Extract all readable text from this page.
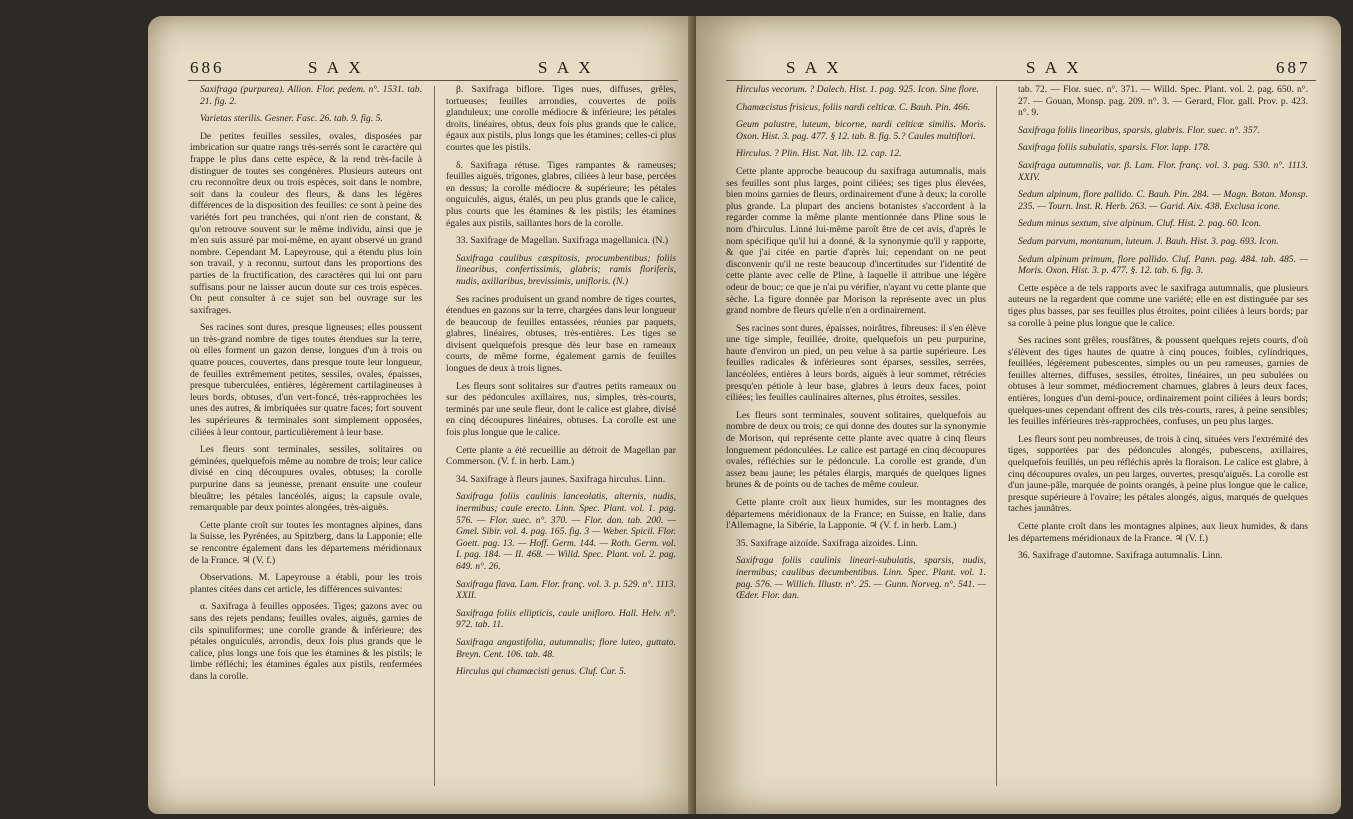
686	S A X	S A X

Saxifraga (purpurea). Allion. Flor. pedem. n°. 1531. tab. 21. fig. 2.

Varietas sterilis. Gesner. Fasc. 26. tab. 9. fig. 5.

De petites feuilles sessiles, ovales, disposées par imbrication sur quatre rangs très-serrés sont le caractère qui frappe le plus dans cette espèce, & la rend très-facile à distinguer de toutes ses congénères. Plusieurs auteurs ont cru reconnoître deux ou trois espèces, soit dans le nombre, soit dans la couleur des fleurs, & dans les légères différences de la disposition des feuilles: ce sont à peine des variétés fort peu tranchées, qui n'ont rien de constant, & qu'on retrouve souvent sur le même individu, ainsi que je m'en suis assuré par moi-même, en ayant observé un grand nombre. Cependant M. Lapeyrouse, qui a étendu plus loin son travail, y a reconnu, surtout dans les proportions des parties de la fructification, des caractères qui lui ont paru suffisans pour ne laisser aucun doute sur ces trois espèces. On peut consulter à ce sujet son bel ouvrage sur les saxifrages.

Ses racines sont dures, presque ligneuses; elles poussent un très-grand nombre de tiges toutes étendues sur la terre, où elles forment un gazon dense, longues d'un à trois ou quatre pouces, couvertes, dans presque toute leur longueur, de feuilles extrêmement petites, sessiles, ovales, épaisses, presque tuberculées, entières, légèrement cartilagineuses à leurs bords, obtuses, d'un vert-foncé, très-rapprochées les unes des autres, & imbriquées sur quatre faces; fort souvent les supérieures & terminales sont simplement opposées, ciliées à leur contour, particulièrement à leur base.

Les fleurs sont terminales, sessiles, solitaires ou géminées, quelquefois même au nombre de trois; leur calice divisé en cinq découpures ovales, obtuses; la corolle purpurine dans sa jeunesse, prenant ensuite une couleur bleuâtre; les pétales lancéolés, aigus; la capsule ovale, remarquable par deux pointes alongées, très-aiguës.

Cette plante croît sur toutes les montagnes alpines, dans la Suisse, les Pyrénées, au Spitzberg, dans la Lapponie; elle se rencontre également dans les départemens méridionaux de la France. ♃ (V. f.)

Observations. M. Lapeyrouse a établi, pour les trois plantes citées dans cet article, les différences suivantes:

α. Saxifraga à feuilles opposées. Tiges; gazons avec ou sans des rejets pendans; feuilles ovales, aiguës, garnies de cils spinuliformes; une corolle grande & inférieure; des pétales onguiculés, arrondis, deux fois plus grands que le calice, plus longs une fois que les étamines & les pistils; le limbe réfléchi; les étamines égales aux pistils, renfermées dans la corolle.

β. Saxifraga biflore. Tiges nues, diffuses, grêles, tortueuses; feuilles arrondies, couvertes de poils glanduleux; une corolle médiocre & inférieure; les pétales droits, linéaires, obtus, deux fois plus grands que le calice, égaux aux pistils, plus longs que les étamines; celles-ci plus courtes que les pistils.

δ. Saxifraga rétuse. Tiges rampantes & rameuses; feuilles aiguës, trigones, glabres, ciliées à leur base, percées en dessus; la corolle médiocre & supérieure; les pétales onguiculés, aigus, étalés, un peu plus grands que le calice, plus courts que les étamines & les pistils; les étamines égales aux pistils, saillantes hors de la corolle.

33. Saxifrage de Magellan. Saxifraga magellanica. (N.)

Saxifraga caulibus cæspitosis, procumbentibus; foliis linearibus, confertissimis, glabris; ramis floriferis, nudis, axillaribus, brevissimis, unifloris. (N.)

Ses racines produisent un grand nombre de tiges courtes, étendues en gazons sur la terre, chargées dans leur longueur de beaucoup de feuilles entassées, réunies par paquets, glabres, linéaires, obtuses, très-entières. Les tiges se divisent quelquefois presque dès leur base en rameaux courts, de même forme, également garnis de feuilles longues de deux à trois lignes.

Les fleurs sont solitaires sur d'autres petits rameaux ou sur des pédoncules axillaires, nus, simples, très-courts, terminés par une seule fleur, dont le calice est glabre, divisé en cinq découpures linéaires, obtuses. La corolle est une fois plus longue que le calice.

Cette plante a été recueillie au détroit de Magellan par Commerson. (V. f. in herb. Lam.)

34. Saxifrage à fleurs jaunes. Saxifraga hirculus. Linn.

Saxifraga foliis caulinis lanceolatis, alternis, nudis, inermibus; caule erecto. Linn. Spec. Plant. vol. 1. pag. 576. — Flor. suec. n°. 370. — Flor. dan. tab. 200. — Gmel. Sibir. vol. 4. pag. 165. fig. 3 — Weber. Spicil. Flor. Goett. pag. 13. — Hoff. Germ. 144. — Roth. Germ. vol. I. pag. 184. — II. 468. — Willd. Spec. Plant. vol. 2. pag. 649. n°. 26.

Saxifraga flava. Lam. Flor. franç. vol. 3. p. 529. n°. 1113. XXII.

Saxifraga foliis ellipticis, caule unifloro. Hall. Helv. n°. 972. tab. 11.

Saxifraga angustifolia, autumnalis; flore luteo, guttato. Breyn. Cent. 106. tab. 48.

Hirculus qui chamæcisti genus. Cluf. Cur. 5.

S A X	S A X	687

Hirculus vecorum. ? Dalech. Hist. 1. pag. 925. Icon. Sine flore.

Chamæcistus frisicus, foliis nardi celticæ. C. Bauh. Pin. 466.

Geum palustre, luteum, bicorne, nardi celticæ similis. Moris. Oxon. Hist. 3. pag. 477. § 12. tab. 8. fig. 5.? Caules multiflori.

Hirculus. ? Plin. Hist. Nat. lib. 12. cap. 12.

Cette plante approche beaucoup du saxifraga autumnalis, mais ses feuilles sont plus larges, point ciliées; ses tiges plus élevées, bien moins garnies de fleurs, ordinairement d'une à deux; la corolle plus grande. La plupart des anciens botanistes s'accordent à la regarder comme la même plante mentionnée dans Pline sous le nom d'hirculus. Linné lui-même paroît être de cet avis, d'après le nom spécifique qu'il lui a donné, & la synonymie qu'il y rapporte, & que j'ai citée en partie d'après lui; cependant on ne peut disconvenir qu'il ne reste beaucoup d'incertitudes sur l'identité de cette plante avec celle de Pline, à laquelle il attribue une légère odeur de bouc; ce que je n'ai pu vérifier, n'ayant vu cette plante que sèche. La figure donnée par Morison la représente avec un plus grand nombre de fleurs qu'elle n'en a ordinairement.

Ses racines sont dures, épaisses, noirâtres, fibreuses: il s'en élève une tige simple, feuillée, droite, quelquefois un peu purpurine, haute d'environ un pied, un peu velue à sa partie supérieure. Les feuilles radicales & inférieures sont éparses, sessiles, serrées, lancéolées, entières à leurs bords, aiguës à leur sommet, rétrécies presqu'en pétiole à leur base, glabres à leurs deux faces, point ciliées; les feuilles caulinaires alternes, plus étroites, sessiles.

Les fleurs sont terminales, souvent solitaires, quelquefois au nombre de deux ou trois; ce qui donne des doutes sur la synonymie de Morison, qui représente cette plante avec quatre à cinq fleurs longuement pédonculées. Le calice est partagé en cinq découpures ovales, réfléchies sur le pédoncule. La corolle est grande, d'un assez beau jaune; les pétales élargis, marqués de quelques lignes brunes & de points ou de taches de même couleur.

Cette plante croît aux lieux humides, sur les montagnes des départemens méridionaux de la France; en Suisse, en Italie, dans l'Allemagne, la Sibérie, la Lapponie. ♃ (V. f. in herb. Lam.)

35. Saxifrage aizoïde. Saxifraga aizoides. Linn.

Saxifraga foliis caulinis lineari-subulatis, sparsis, nudis, inermibus; caulibus decumbentibus. Linn. Spec. Plant. vol. 1. pag. 576. — Willich. Illustr. n°. 25. — Gunn. Norveg. n°. 541. — Œder. Flor. dan.

tab. 72. — Flor. suec. n°. 371. — Willd. Spec. Plant. vol. 2. pag. 650. n°. 27. — Gouan, Monsp. pag. 209. n°. 3. — Gerard, Flor. gall. Prov. p. 423. n°. 9.

Saxifraga foliis linearibus, sparsis, glabris. Flor. suec. n°. 357.

Saxifraga foliis subulatis, sparsis. Flor. lapp. 178.

Saxifraga autumnalis, var. β. Lam. Flor. franç. vol. 3. pag. 530. n°. 1113. XXIV.

Sedum alpinum, flore pallido. C. Bauh. Pin. 284. — Magn. Botan. Monsp. 235. — Tourn. Inst. R. Herb. 263. — Garid. Aix. 438. Exclusa icone.

Sedum minus sextum, sive alpinum. Cluf. Hist. 2. pag. 60. Icon.

Sedum parvum, montanum, luteum. J. Bauh. Hist. 3. pag. 693. Icon.

Sedum alpinum primum, flore pallido. Cluf. Pann. pag. 484. tab. 485. — Moris. Oxon. Hist. 3. p. 477. §. 12. tab. 6. fig. 3.

Cette espèce a de tels rapports avec le saxifraga autumnalis, que plusieurs auteurs ne la regardent que comme une variété; elle en est distinguée par ses tiges plus basses, par ses feuilles plus étroites, point ciliées à leurs bords; par sa corolle à peine plus longue que le calice.

Ses racines sont grêles, rousfâtres, & poussent quelques rejets courts, d'où s'élèvent des tiges hautes de quatre à cinq pouces, foibles, cylindriques, feuillées, légèrement pubescentes, simples ou un peu rameuses, garnies de feuilles alternes, diffuses, sessiles, étroites, linéaires, un peu subulées ou obtuses à leur sommet, médiocrement charnues, glabres à leurs deux faces, entières, longues d'un demi-pouce, ordinairement point ciliées à leurs bords; quelques-unes cependant offrent des cils très-courts, rares, à peine sensibles; les feuilles inférieures très-rapprochées, confuses, un peu plus larges.

Les fleurs sont peu nombreuses, de trois à cinq, situées vers l'extrémité des tiges, supportées par des pédoncules alongés, pubescens, axillaires, quelquefois feuillés, un peu réfléchis après la floraison. Le calice est glabre, à cinq découpures ovales, un peu larges, ouvertes, presqu'aiguës. La corolle est d'un jaune-pâle, marquée de points orangés, à peine plus longue que le calice, presque supérieure à l'ovaire; les pétales alongés, aigus, marqués de quelques taches jaunâtres.

Cette plante croît dans les montagnes alpines, aux lieux humides, & dans les départemens méridionaux de la France. ♃ (V. f.)

36. Saxifrage d'automne. Saxifraga autumnalis. Linn.
